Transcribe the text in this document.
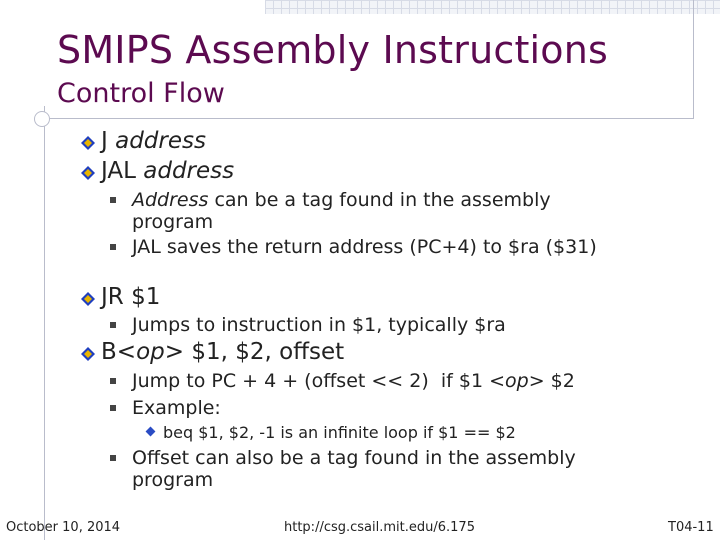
SMIPS Assembly Instructions
Control Flow
J address
JAL address
Address can be a tag found in the assembly program
JAL saves the return address (PC+4) to $ra ($31)
JR $1
Jumps to instruction in $1, typically $ra
B<op> $1, $2, offset
Jump to PC + 4 + (offset << 2)  if $1 <op> $2
Example:
beq $1, $2, -1 is an infinite loop if $1 == $2
Offset can also be a tag found in the assembly program
October 10, 2014	http://csg.csail.mit.edu/6.175	T04-11
